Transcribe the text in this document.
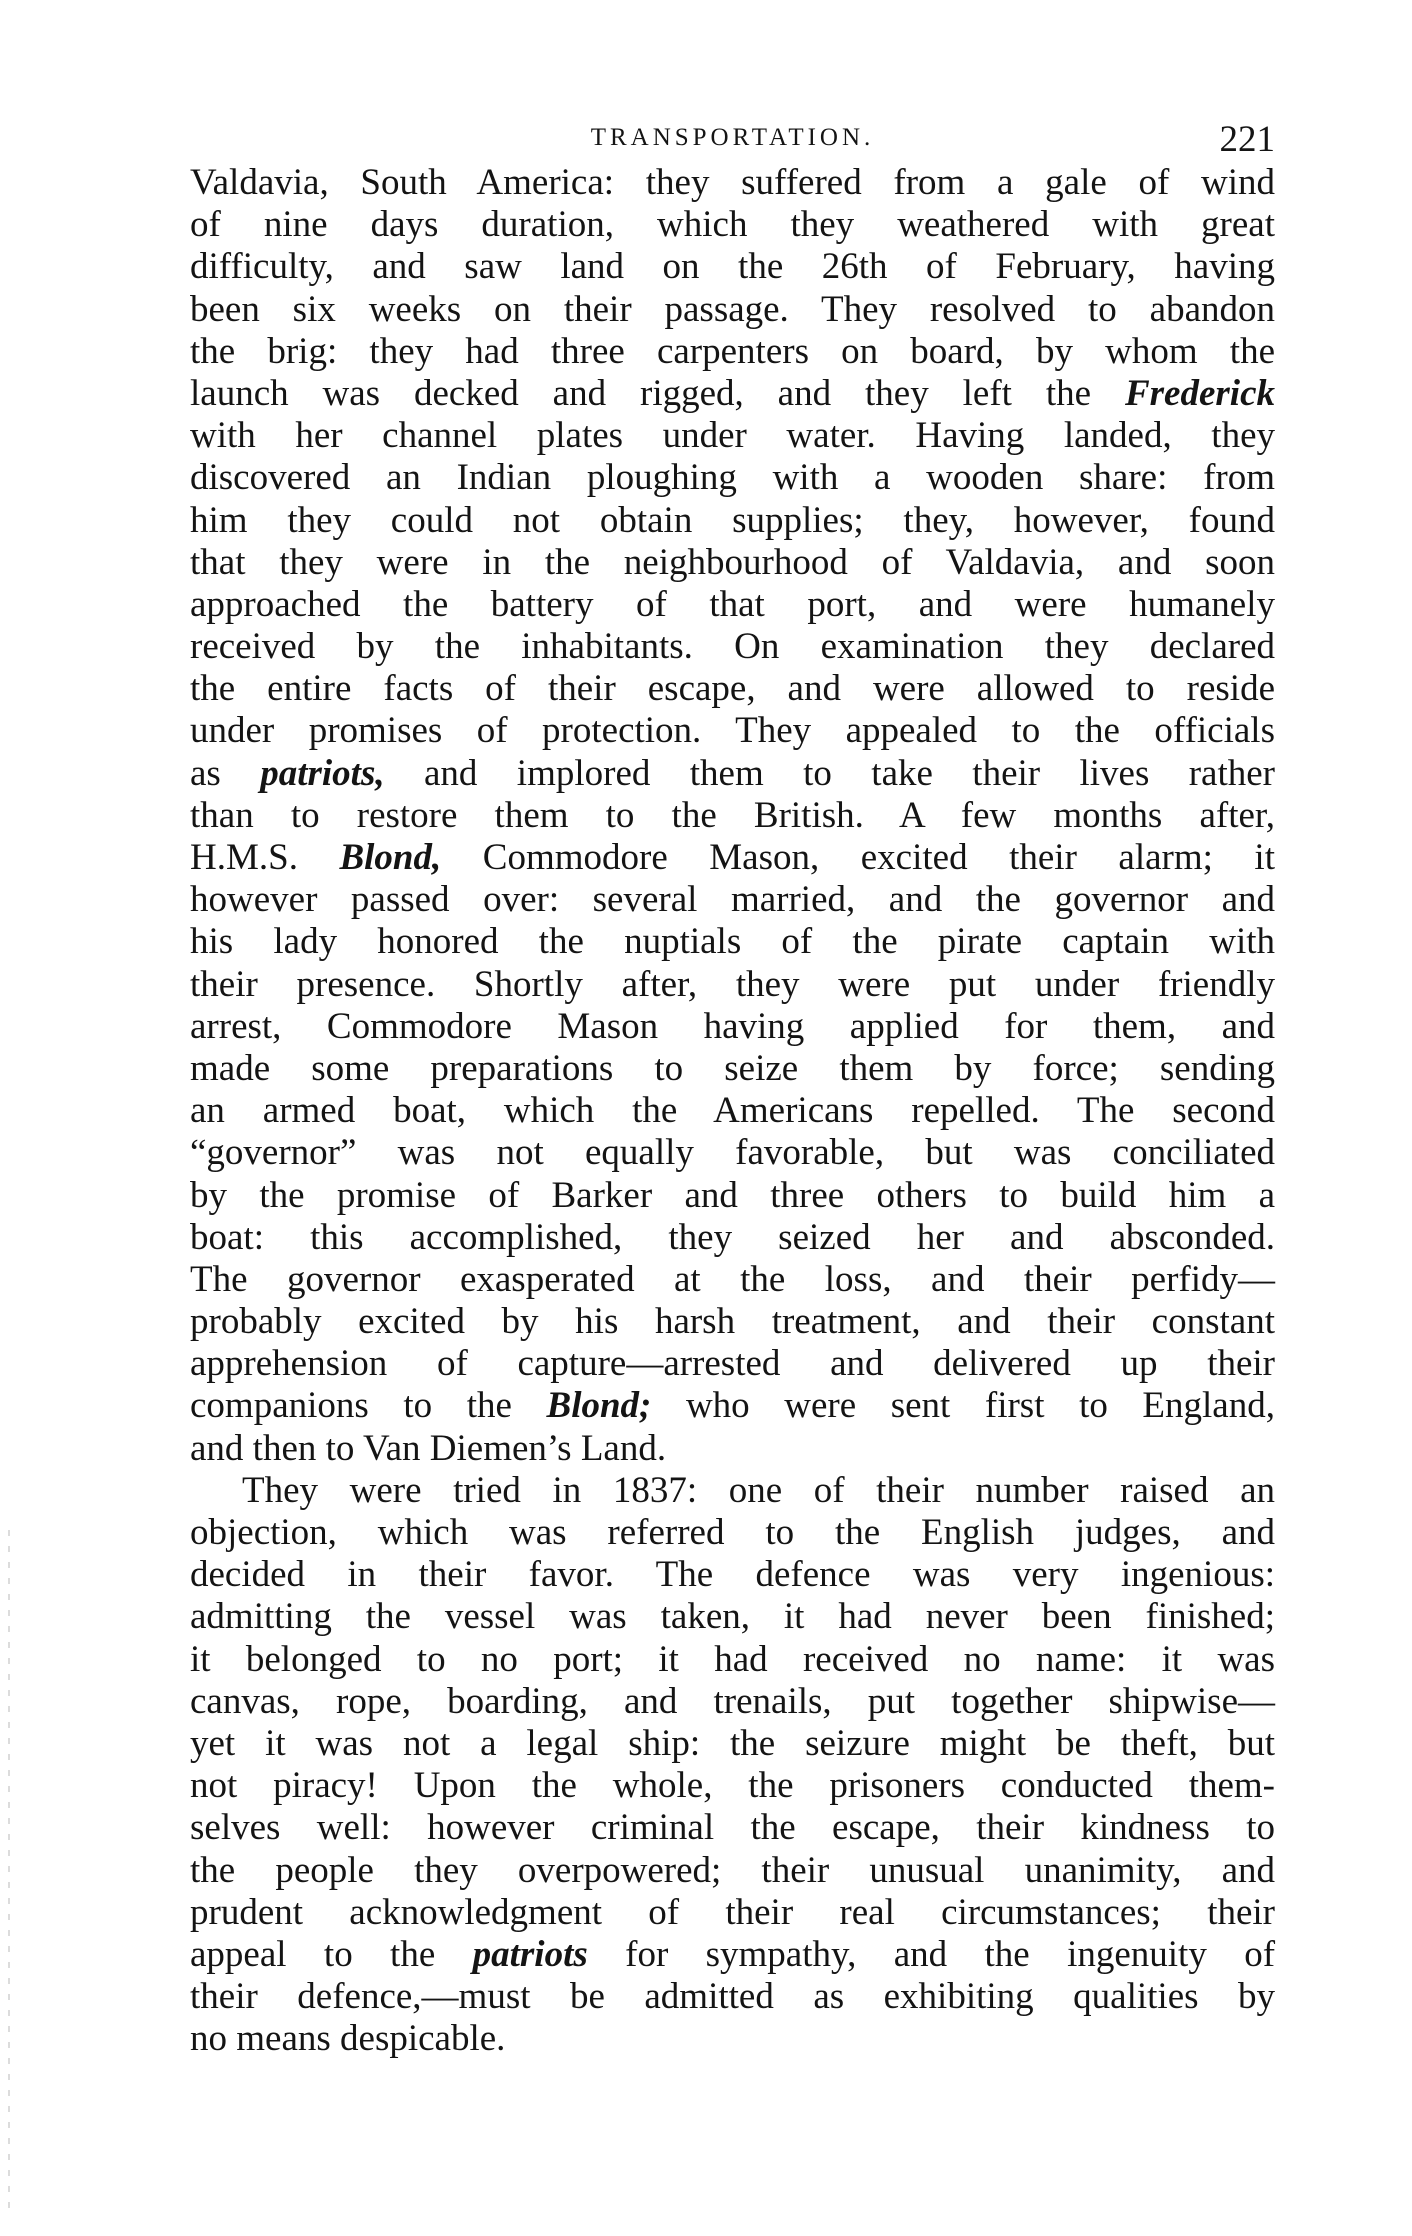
TRANSPORTATION.	221
Valdavia, South America: they suffered from a gale of wind
of nine days duration, which they weathered with great
difficulty, and saw land on the 26th of February, having
been six weeks on their passage. They resolved to abandon
the brig: they had three carpenters on board, by whom the
launch was decked and rigged, and they left the Frederick
with her channel plates under water. Having landed, they
discovered an Indian ploughing with a wooden share: from
him they could not obtain supplies; they, however, found
that they were in the neighbourhood of Valdavia, and soon
approached the battery of that port, and were humanely
received by the inhabitants. On examination they declared
the entire facts of their escape, and were allowed to reside
under promises of protection. They appealed to the officials
as patriots, and implored them to take their lives rather
than to restore them to the British. A few months after,
H.M.S. Blond, Commodore Mason, excited their alarm; it
however passed over: several married, and the governor and
his lady honored the nuptials of the pirate captain with
their presence. Shortly after, they were put under friendly
arrest, Commodore Mason having applied for them, and
made some preparations to seize them by force; sending
an armed boat, which the Americans repelled. The second
“governor” was not equally favorable, but was conciliated
by the promise of Barker and three others to build him a
boat: this accomplished, they seized her and absconded.
The governor exasperated at the loss, and their perfidy—
probably excited by his harsh treatment, and their constant
apprehension of capture—arrested and delivered up their
companions to the Blond; who were sent first to England,
and then to Van Diemen’s Land.
They were tried in 1837: one of their number raised an
objection, which was referred to the English judges, and
decided in their favor. The defence was very ingenious:
admitting the vessel was taken, it had never been finished;
it belonged to no port; it had received no name: it was
canvas, rope, boarding, and trenails, put together shipwise—
yet it was not a legal ship: the seizure might be theft, but
not piracy! Upon the whole, the prisoners conducted them-
selves well: however criminal the escape, their kindness to
the people they overpowered; their unusual unanimity, and
prudent acknowledgment of their real circumstances; their
appeal to the patriots for sympathy, and the ingenuity of
their defence,—must be admitted as exhibiting qualities by
no means despicable.
